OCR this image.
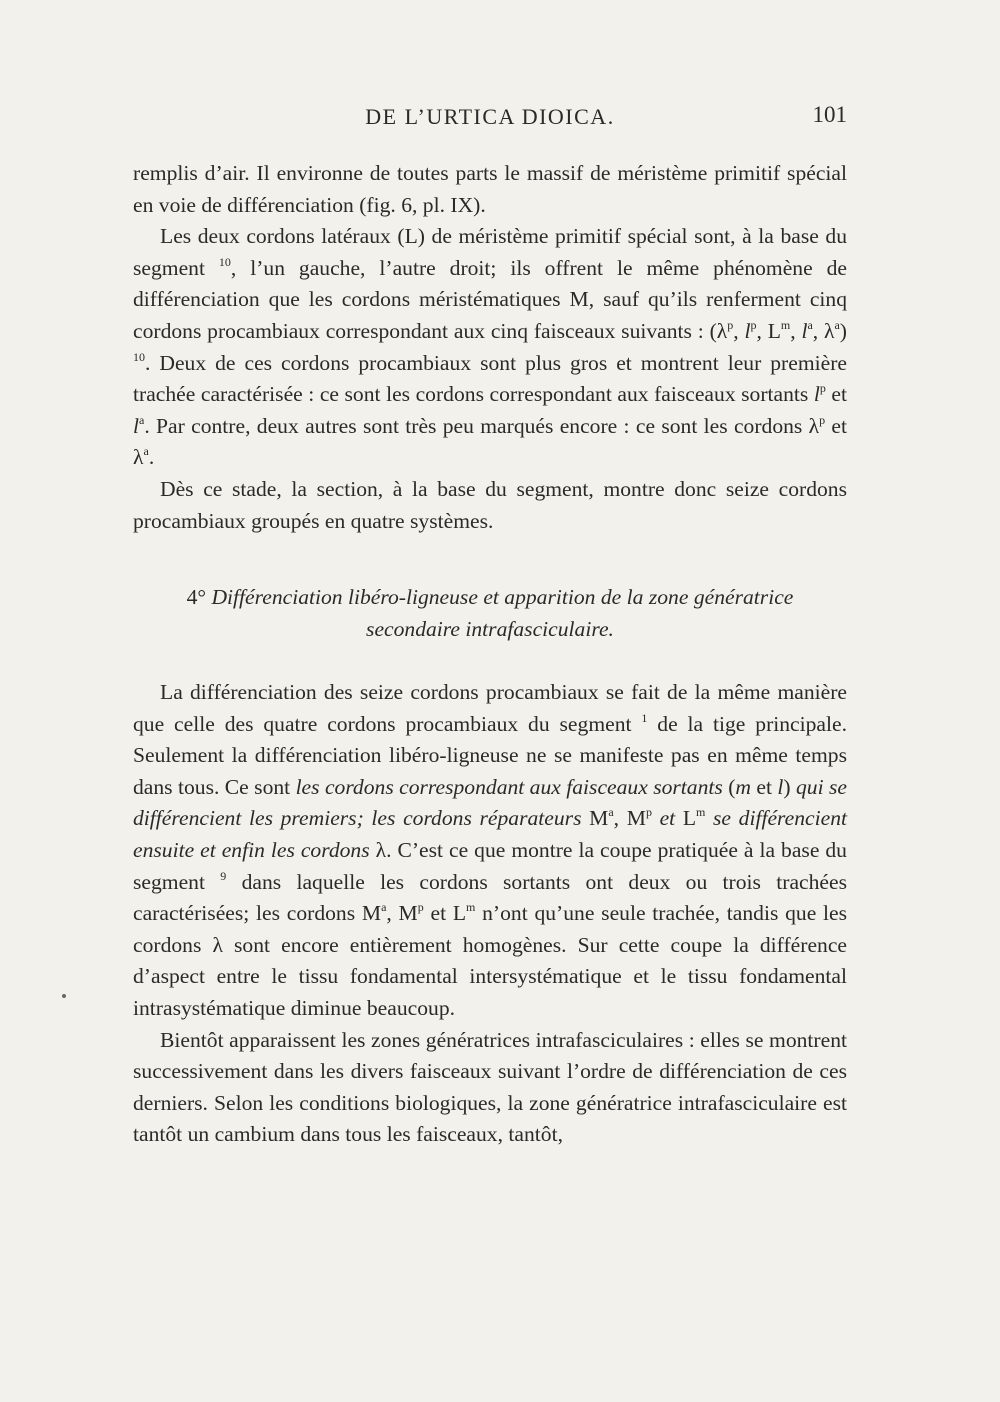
DE L’URTICA DIOICA.	101

remplis d’air. Il environne de toutes parts le massif de méristème primitif spécial en voie de différenciation (fig. 6, pl. IX).

Les deux cordons latéraux (L) de méristème primitif spécial sont, à la base du segment $^{10}$, l’un gauche, l’autre droit; ils offrent le même phénomène de différenciation que les cordons méristématiques M, sauf qu’ils renferment cinq cordons procambiaux correspondant aux cinq faisceaux suivants : ($\lambda^p$, $l^p$, $L^m$, $l^a$, $\lambda^a$) $^{10}$. Deux de ces cordons procambiaux sont plus gros et montrent leur première trachée caractérisée : ce sont les cordons correspondant aux faisceaux sortants $l^p$ et $l^a$. Par contre, deux autres sont très peu marqués encore : ce sont les cordons $\lambda^p$ et $\lambda^a$.

Dès ce stade, la section, à la base du segment, montre donc seize cordons procambiaux groupés en quatre systèmes.

4° Différenciation libéro-ligneuse et apparition de la zone génératrice
secondaire intrafasciculaire.

La différenciation des seize cordons procambiaux se fait de la même manière que celle des quatre cordons procambiaux du segment $^1$ de la tige principale. Seulement la différenciation libéro-ligneuse ne se manifeste pas en même temps dans tous. Ce sont les cordons correspondant aux faisceaux sortants (m et l) qui se différencient les premiers; les cordons réparateurs $M^a$, $M^p$ et $L^m$ se différencient ensuite et enfin les cordons λ. C’est ce que montre la coupe pratiquée à la base du segment $^9$ dans laquelle les cordons sortants ont deux ou trois trachées caractérisées; les cordons $M^a$, $M^p$ et $L^m$ n’ont qu’une seule trachée, tandis que les cordons λ sont encore entièrement homogènes. Sur cette coupe la différence d’aspect entre le tissu fondamental intersystématique et le tissu fondamental intrasystématique diminue beaucoup.

Bientôt apparaissent les zones génératrices intrafasciculaires : elles se montrent successivement dans les divers faisceaux suivant l’ordre de différenciation de ces derniers. Selon les conditions biologiques, la zone génératrice intrafasciculaire est tantôt un cambium dans tous les faisceaux, tantôt,
